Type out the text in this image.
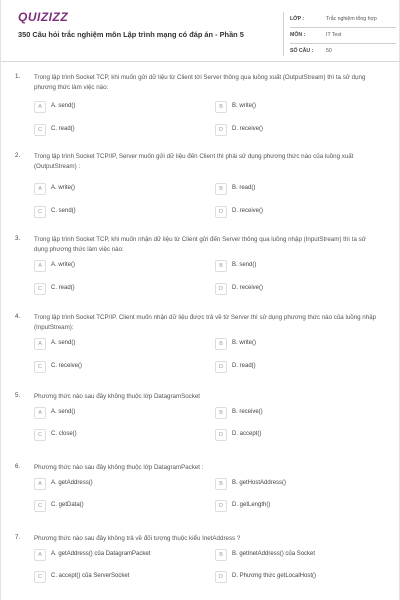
QUIZIZZ
350 Câu hỏi trắc nghiệm môn Lập trình mạng có đáp án - Phần 5
LỚP :	Trắc nghiệm tổng hợp
MÔN :	IT Test
SỐ CÂU : 50
1. Trong lập trình Socket TCP, khi muốn gửi dữ liệu từ Client tới Server thông qua luồng xuất (OutputStream) thì ta sử dụng phương thức làm việc nào:
A	A. send()	B	B. write()
C	C. read()	D	D. receive()
2. Trong lập trình Socket TCP/IP, Server muốn gửi dữ liệu đến Client thì phải sử dụng phương thức nào của luồng xuất (OutputStream) :
A	A. write()	B	B. read()
C	C. send()	D	D. receive()
3. Trong lập trình Socket TCP, khi muốn nhận dữ liệu từ Client gửi đến Server thông qua luồng nhập (InputStream) thì ta sử dụng phương thức làm việc nào:
A	A. write()	B	B. send()
C	C. read()	D	D. receive()
4. Trong lập trình Socket TCP/IP. Client muốn nhận dữ liệu được trả về từ Server thì sử dụng phương thức nào của luồng nhập (InputStream):
A	A. send()	B	B. write()
C	C. receive()	D	D. read()
5. Phương thức nào sau đây không thuộc lớp DatagramSocket
A	A. send()	B	B. receive()
C	C. close()	D	D. accept()
6. Phương thức nào sau đây không thuộc lớp DatagramPacket :
A	A. getAddress()	B	B. getHostAddress()
C	C. getData()	D	D. getLength()
7. Phương thức nào sau đây không trả về đối tượng thuộc kiểu InetAddress ?
A	A. getAddress() của DatagramPacket	B	B. getInetAddress() của Socket
C	C. accept() của ServerSocket	D	D. Phương thức getLocalHost()
